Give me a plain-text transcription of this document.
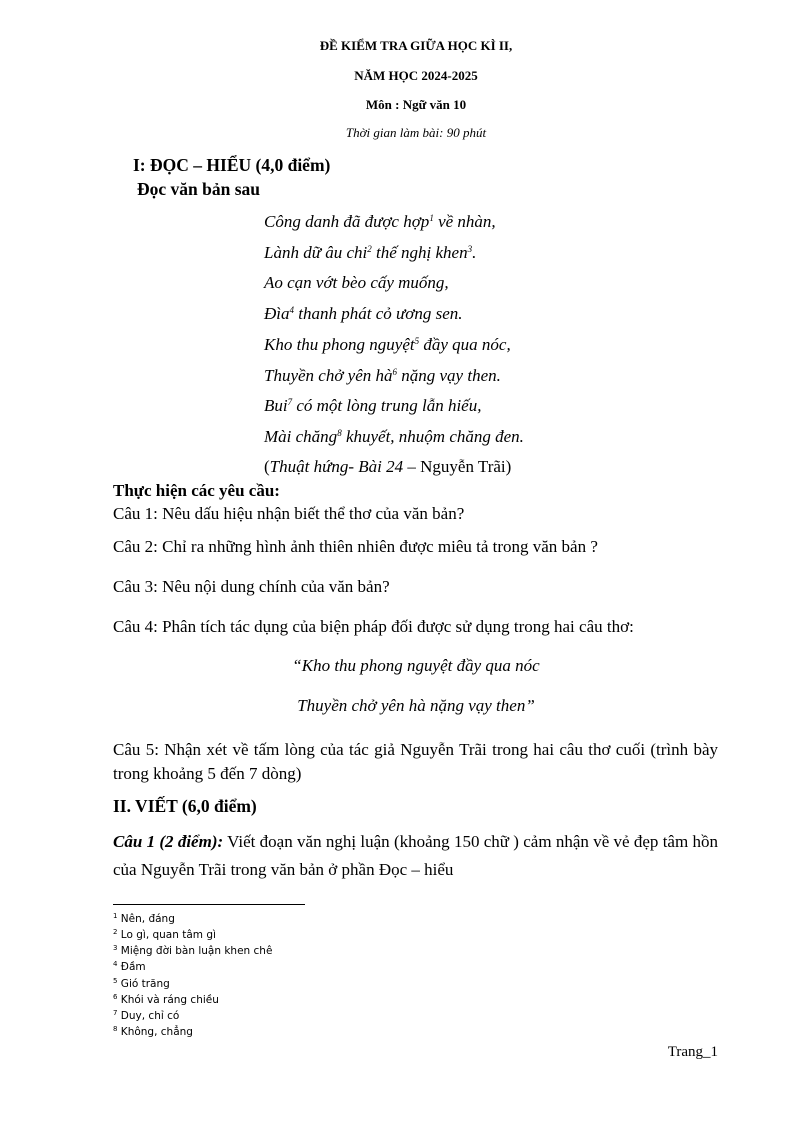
ĐỀ KIỂM TRA GIỮA HỌC KÌ II,
NĂM HỌC 2024-2025
Môn : Ngữ văn 10
Thời gian làm bài: 90 phút
I: ĐỌC – HIỂU (4,0 điểm)
Đọc văn bản sau
Công danh đã được hợp$^1$ về nhàn,
Lành dữ âu chi$^2$ thế nghị khen$^3$.
Ao cạn vớt bèo cấy muống,
Đìa$^4$ thanh phát cỏ ương sen.
Kho thu phong nguyệt$^5$ đầy qua nóc,
Thuyền chở yên $hà^6$ nặng vạy then.
Bui$^7$ có một lòng trung lẫn hiếu,
Mài chăng$^8$ khuyết, nhuộm chăng đen.
(Thuật hứng- Bài 24 – Nguyễn Trãi)
Thực hiện các yêu cầu:
Câu 1: Nêu dấu hiệu nhận biết thể thơ của văn bản?
Câu 2: Chỉ ra những hình ảnh thiên nhiên được miêu tả trong văn bản ?
Câu 3: Nêu nội dung chính của văn bản?
Câu 4: Phân tích tác dụng của biện pháp đối được sử dụng trong hai câu thơ:
“Kho thu phong nguyệt đầy qua nóc
Thuyền chở yên hà nặng vạy then”
Câu 5: Nhận xét về tấm lòng của tác giả Nguyễn Trãi trong hai câu thơ cuối (trình bày trong khoảng 5 đến 7 dòng)
II. VIẾT (6,0 điểm)
Câu 1 (2 điểm): Viết đoạn văn nghị luận (khoảng 150 chữ ) cảm nhận về vẻ đẹp tâm hồn của Nguyễn Trãi trong văn bản ở phần Đọc – hiểu
$^1$ Nên, đáng
$^2$ Lo gì, quan tâm gì
$^3$ Miệng đời bàn luận khen chê
$^4$ Đầm
$^5$ Gió trăng
$^6$ Khói và ráng chiều
$^7$ Duy, chỉ có
$^8$ Không, chẳng
Trang_1
